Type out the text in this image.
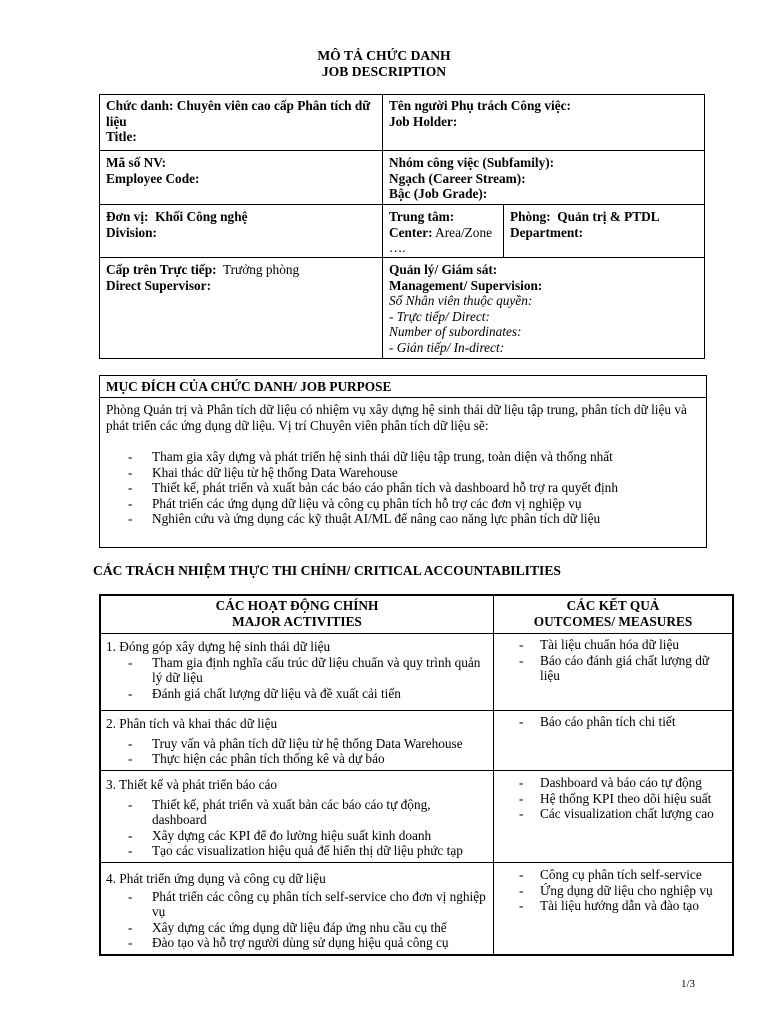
MÔ TẢ CHỨC DANH
JOB DESCRIPTION
Chức danh: Chuyên viên cao cấp Phân tích dữ liệu
Title:
Tên người Phụ trách Công việc:
Job Holder:
Mã số NV:
Employee Code:
Nhóm công việc (Subfamily):
Ngạch (Career Stream):
Bậc (Job Grade):
Đơn vị: Khối Công nghệ
Division:
Trung tâm:
Center: Area/Zone
….
Phòng: Quản trị & PTDL
Department:
Cấp trên Trực tiếp: Trưởng phòng
Direct Supervisor:
Quản lý/ Giám sát:
Management/ Supervision:
Số Nhân viên thuộc quyền:
- Trực tiếp/ Direct:
Number of subordinates:
- Gián tiếp/ In-direct:
MỤC ĐÍCH CỦA CHỨC DANH/ JOB PURPOSE
Phòng Quản trị và Phân tích dữ liệu có nhiệm vụ xây dựng hệ sinh thái dữ liệu tập trung, phân tích dữ liệu và phát triển các ứng dụng dữ liệu. Vị trí Chuyên viên phân tích dữ liệu sẽ:
- Tham gia xây dựng và phát triển hệ sinh thái dữ liệu tập trung, toàn diện và thống nhất
- Khai thác dữ liệu từ hệ thống Data Warehouse
- Thiết kế, phát triển và xuất bản các báo cáo phân tích và dashboard hỗ trợ ra quyết định
- Phát triển các ứng dụng dữ liệu và công cụ phân tích hỗ trợ các đơn vị nghiệp vụ
- Nghiên cứu và ứng dụng các kỹ thuật AI/ML để nâng cao năng lực phân tích dữ liệu
CÁC TRÁCH NHIỆM THỰC THI CHÍNH/ CRITICAL ACCOUNTABILITIES
CÁC HOẠT ĐỘNG CHÍNH
MAJOR ACTIVITIES
CÁC KẾT QUẢ
OUTCOMES/ MEASURES
1. Đóng góp xây dựng hệ sinh thái dữ liệu
- Tham gia định nghĩa cấu trúc dữ liệu chuẩn và quy trình quản lý dữ liệu
- Đánh giá chất lượng dữ liệu và đề xuất cải tiến
- Tài liệu chuẩn hóa dữ liệu
- Báo cáo đánh giá chất lượng dữ liệu
2. Phân tích và khai thác dữ liệu
- Truy vấn và phân tích dữ liệu từ hệ thống Data Warehouse
- Thực hiện các phân tích thống kê và dự báo
- Báo cáo phân tích chi tiết
3. Thiết kế và phát triển báo cáo
- Thiết kế, phát triển và xuất bản các báo cáo tự động, dashboard
- Xây dựng các KPI để đo lường hiệu suất kinh doanh
- Tạo các visualization hiệu quả để hiển thị dữ liệu phức tạp
- Dashboard và báo cáo tự động
- Hệ thống KPI theo dõi hiệu suất
- Các visualization chất lượng cao
4. Phát triển ứng dụng và công cụ dữ liệu
- Phát triển các công cụ phân tích self-service cho đơn vị nghiệp vụ
- Xây dựng các ứng dụng dữ liệu đáp ứng nhu cầu cụ thể
- Đào tạo và hỗ trợ người dùng sử dụng hiệu quả công cụ
- Công cụ phân tích self-service
- Ứng dụng dữ liệu cho nghiệp vụ
- Tài liệu hướng dẫn và đào tạo
1/3
